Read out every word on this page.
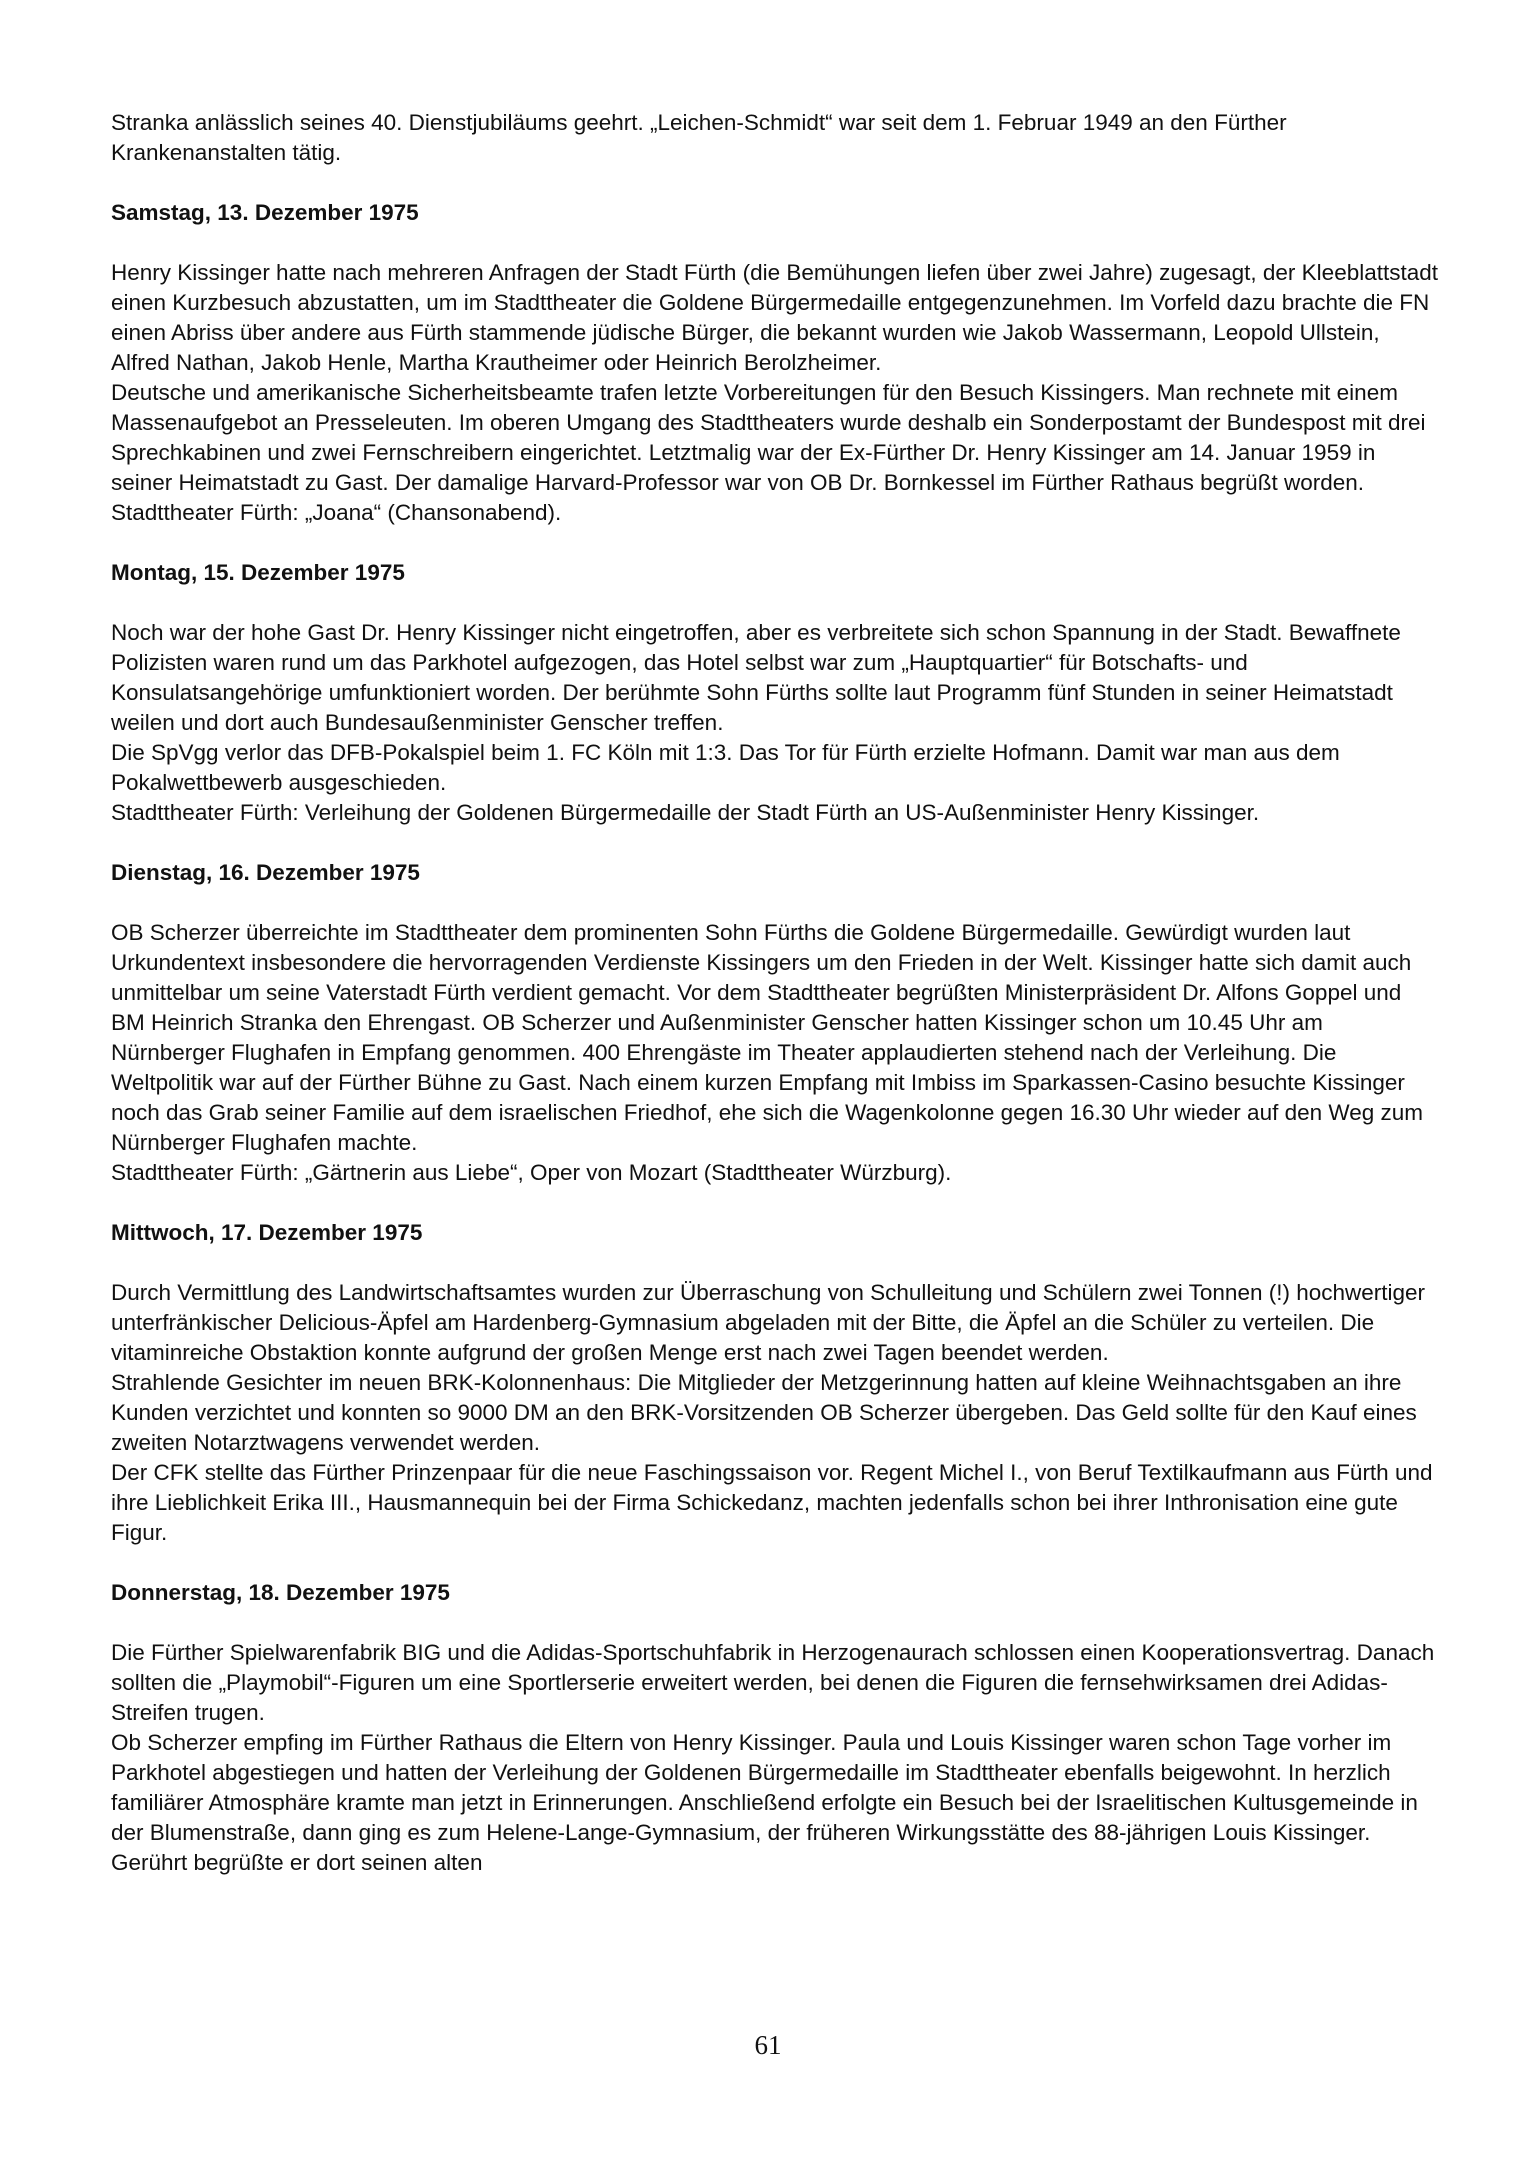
Stranka anlässlich seines 40. Dienstjubiläums geehrt. „Leichen-Schmidt“ war seit dem 1. Februar 1949 an den Fürther Krankenanstalten tätig.

Samstag, 13. Dezember 1975

Henry Kissinger hatte nach mehreren Anfragen der Stadt Fürth (die Bemühungen liefen über zwei Jahre) zugesagt, der Kleeblattstadt einen Kurzbesuch abzustatten, um im Stadttheater die Goldene Bürgermedaille entgegenzunehmen. Im Vorfeld dazu brachte die FN einen Abriss über andere aus Fürth stammende jüdische Bürger, die bekannt wurden wie Jakob Wassermann, Leopold Ullstein, Alfred Nathan, Jakob Henle, Martha Krautheimer oder Heinrich Berolzheimer.

Deutsche und amerikanische Sicherheitsbeamte trafen letzte Vorbereitungen für den Besuch Kissingers. Man rechnete mit einem Massenaufgebot an Presseleuten. Im oberen Umgang des Stadttheaters wurde deshalb ein Sonderpostamt der Bundespost mit drei Sprechkabinen und zwei Fernschreibern eingerichtet. Letztmalig war der Ex-Fürther Dr. Henry Kissinger am 14. Januar 1959 in seiner Heimatstadt zu Gast. Der damalige Harvard-Professor war von OB Dr. Bornkessel im Fürther Rathaus begrüßt worden.

Stadttheater Fürth: „Joana“ (Chansonabend).

Montag, 15. Dezember 1975

Noch war der hohe Gast Dr. Henry Kissinger nicht eingetroffen, aber es verbreitete sich schon Spannung in der Stadt. Bewaffnete Polizisten waren rund um das Parkhotel aufgezogen, das Hotel selbst war zum „Hauptquartier“ für Botschafts- und Konsulatsangehörige umfunktioniert worden. Der berühmte Sohn Fürths sollte laut Programm fünf Stunden in seiner Heimatstadt weilen und dort auch Bundesaußenminister Genscher treffen.

Die SpVgg verlor das DFB-Pokalspiel beim 1. FC Köln mit 1:3. Das Tor für Fürth erzielte Hofmann. Damit war man aus dem Pokalwettbewerb ausgeschieden.

Stadttheater Fürth: Verleihung der Goldenen Bürgermedaille der Stadt Fürth an US-Außenminister Henry Kissinger.

Dienstag, 16. Dezember 1975

OB Scherzer überreichte im Stadttheater dem prominenten Sohn Fürths die Goldene Bürgermedaille. Gewürdigt wurden laut Urkundentext insbesondere die hervorragenden Verdienste Kissingers um den Frieden in der Welt. Kissinger hatte sich damit auch unmittelbar um seine Vaterstadt Fürth verdient gemacht. Vor dem Stadttheater begrüßten Ministerpräsident Dr. Alfons Goppel und BM Heinrich Stranka den Ehrengast. OB Scherzer und Außenminister Genscher hatten Kissinger schon um 10.45 Uhr am Nürnberger Flughafen in Empfang genommen. 400 Ehrengäste im Theater applaudierten stehend nach der Verleihung. Die Weltpolitik war auf der Fürther Bühne zu Gast. Nach einem kurzen Empfang mit Imbiss im Sparkassen-Casino besuchte Kissinger noch das Grab seiner Familie auf dem israelischen Friedhof, ehe sich die Wagenkolonne gegen 16.30 Uhr wieder auf den Weg zum Nürnberger Flughafen machte.

Stadttheater Fürth: „Gärtnerin aus Liebe“, Oper von Mozart (Stadttheater Würzburg).

Mittwoch, 17. Dezember 1975

Durch Vermittlung des Landwirtschaftsamtes wurden zur Überraschung von Schulleitung und Schülern zwei Tonnen (!) hochwertiger unterfränkischer Delicious-Äpfel am Hardenberg-Gymnasium abgeladen mit der Bitte, die Äpfel an die Schüler zu verteilen. Die vitaminreiche Obstaktion konnte aufgrund der großen Menge erst nach zwei Tagen beendet werden.

Strahlende Gesichter im neuen BRK-Kolonnenhaus: Die Mitglieder der Metzgerinnung hatten auf kleine Weihnachtsgaben an ihre Kunden verzichtet und konnten so 9000 DM an den BRK-Vorsitzenden OB Scherzer übergeben. Das Geld sollte für den Kauf eines zweiten Notarztwagens verwendet werden.

Der CFK stellte das Fürther Prinzenpaar für die neue Faschingssaison vor. Regent Michel I., von Beruf Textilkaufmann aus Fürth und ihre Lieblichkeit Erika III., Hausmannequin bei der Firma Schickedanz, machten jedenfalls schon bei ihrer Inthronisation eine gute Figur.

Donnerstag, 18. Dezember 1975

Die Fürther Spielwarenfabrik BIG und die Adidas-Sportschuhfabrik in Herzogenaurach schlossen einen Kooperationsvertrag. Danach sollten die „Playmobil“-Figuren um eine Sportlerserie erweitert werden, bei denen die Figuren die fernsehwirksamen drei Adidas-Streifen trugen.

Ob Scherzer empfing im Fürther Rathaus die Eltern von Henry Kissinger. Paula und Louis Kissinger waren schon Tage vorher im Parkhotel abgestiegen und hatten der Verleihung der Goldenen Bürgermedaille im Stadttheater ebenfalls beigewohnt. In herzlich familiärer Atmosphäre kramte man jetzt in Erinnerungen. Anschließend erfolgte ein Besuch bei der Israelitischen Kultusgemeinde in der Blumenstraße, dann ging es zum Helene-Lange-Gymnasium, der früheren Wirkungsstätte des 88-jährigen Louis Kissinger. Gerührt begrüßte er dort seinen alten

61
